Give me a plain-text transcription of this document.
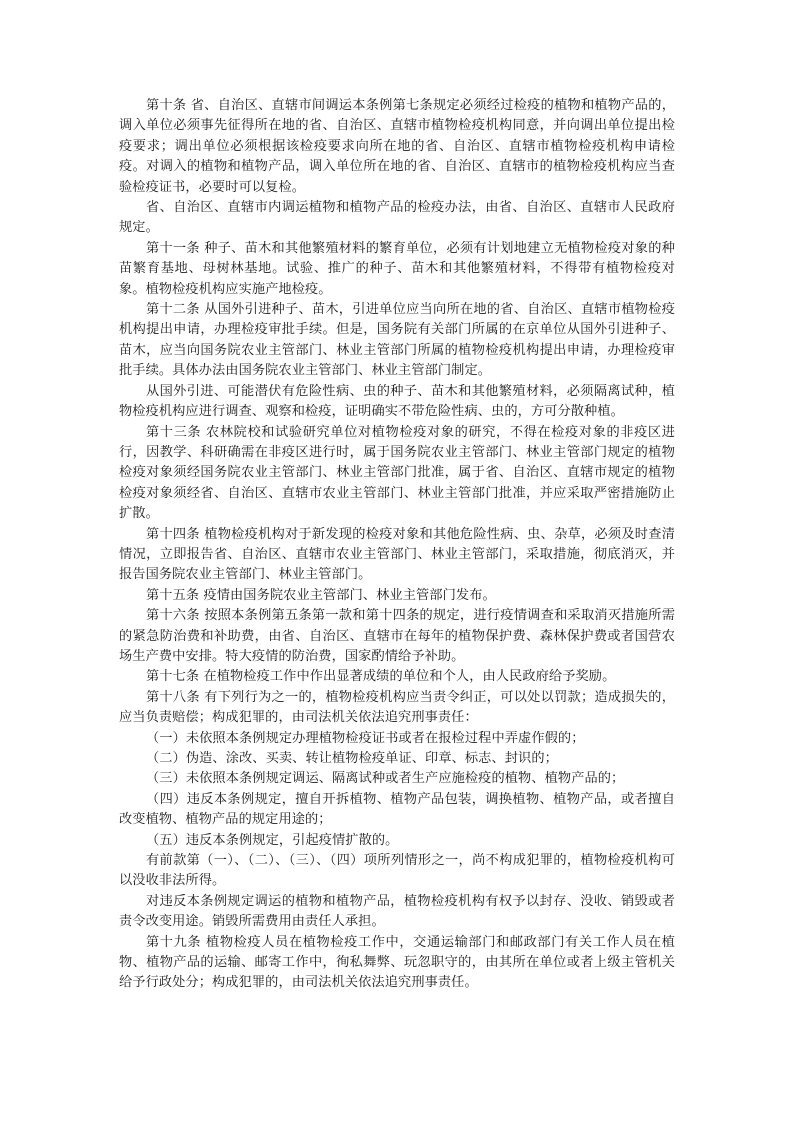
第十条 省、自治区、直辖市间调运本条例第七条规定必须经过检疫的植物和植物产品的，调入单位必须事先征得所在地的省、自治区、直辖市植物检疫机构同意，并向调出单位提出检疫要求；调出单位必须根据该检疫要求向所在地的省、自治区、直辖市植物检疫机构申请检疫。对调入的植物和植物产品，调入单位所在地的省、自治区、直辖市的植物检疫机构应当查验检疫证书，必要时可以复检。

省、自治区、直辖市内调运植物和植物产品的检疫办法，由省、自治区、直辖市人民政府规定。

第十一条 种子、苗木和其他繁殖材料的繁育单位，必须有计划地建立无植物检疫对象的种苗繁育基地、母树林基地。试验、推广的种子、苗木和其他繁殖材料，不得带有植物检疫对象。植物检疫机构应实施产地检疫。

第十二条 从国外引进种子、苗木，引进单位应当向所在地的省、自治区、直辖市植物检疫机构提出申请，办理检疫审批手续。但是，国务院有关部门所属的在京单位从国外引进种子、苗木，应当向国务院农业主管部门、林业主管部门所属的植物检疫机构提出申请，办理检疫审批手续。具体办法由国务院农业主管部门、林业主管部门制定。

从国外引进、可能潜伏有危险性病、虫的种子、苗木和其他繁殖材料，必须隔离试种，植物检疫机构应进行调查、观察和检疫，证明确实不带危险性病、虫的，方可分散种植。

第十三条 农林院校和试验研究单位对植物检疫对象的研究，不得在检疫对象的非疫区进行，因教学、科研确需在非疫区进行时，属于国务院农业主管部门、林业主管部门规定的植物检疫对象须经国务院农业主管部门、林业主管部门批准，属于省、自治区、直辖市规定的植物检疫对象须经省、自治区、直辖市农业主管部门、林业主管部门批准，并应采取严密措施防止扩散。

第十四条 植物检疫机构对于新发现的检疫对象和其他危险性病、虫、杂草，必须及时查清情况，立即报告省、自治区、直辖市农业主管部门、林业主管部门，采取措施，彻底消灭，并报告国务院农业主管部门、林业主管部门。

第十五条 疫情由国务院农业主管部门、林业主管部门发布。

第十六条 按照本条例第五条第一款和第十四条的规定，进行疫情调查和采取消灭措施所需的紧急防治费和补助费，由省、自治区、直辖市在每年的植物保护费、森林保护费或者国营农场生产费中安排。特大疫情的防治费，国家酌情给予补助。

第十七条 在植物检疫工作中作出显著成绩的单位和个人，由人民政府给予奖励。

第十八条 有下列行为之一的，植物检疫机构应当责令纠正，可以处以罚款；造成损失的，应当负责赔偿；构成犯罪的，由司法机关依法追究刑事责任：

（一）未依照本条例规定办理植物检疫证书或者在报检过程中弄虚作假的；

（二）伪造、涂改、买卖、转让植物检疫单证、印章、标志、封识的；

（三）未依照本条例规定调运、隔离试种或者生产应施检疫的植物、植物产品的；

（四）违反本条例规定，擅自开拆植物、植物产品包装，调换植物、植物产品，或者擅自改变植物、植物产品的规定用途的；

（五）违反本条例规定，引起疫情扩散的。

有前款第（一）、（二）、（三）、（四）项所列情形之一，尚不构成犯罪的，植物检疫机构可以没收非法所得。

对违反本条例规定调运的植物和植物产品，植物检疫机构有权予以封存、没收、销毁或者责令改变用途。销毁所需费用由责任人承担。

第十九条 植物检疫人员在植物检疫工作中，交通运输部门和邮政部门有关工作人员在植物、植物产品的运输、邮寄工作中，徇私舞弊、玩忽职守的，由其所在单位或者上级主管机关给予行政处分；构成犯罪的，由司法机关依法追究刑事责任。
